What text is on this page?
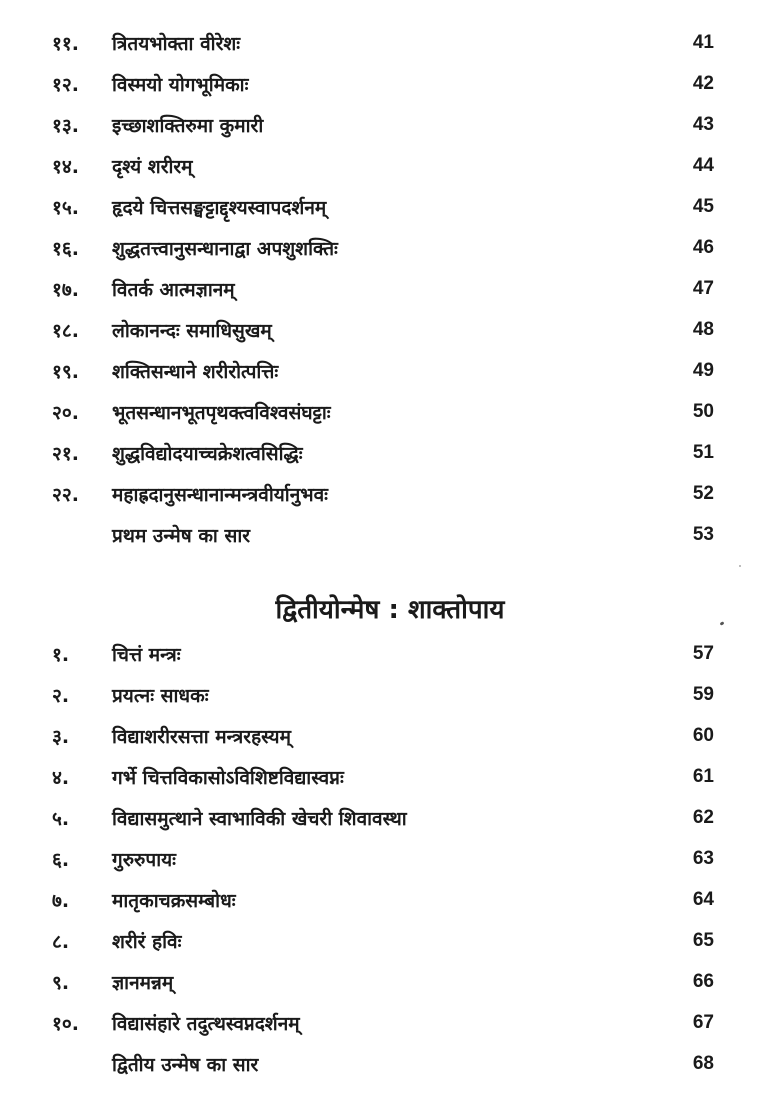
११. त्रितयभोक्ता वीरेशः	41
१२. विस्मयो योगभूमिकाः	42
१३. इच्छाशक्तिरुमा कुमारी	43
१४. दृश्यं शरीरम्	44
१५. हृदये चित्तसङ्घट्टाद्दृश्यस्वापदर्शनम्	45
१६. शुद्धतत्त्वानुसन्धानाद्वा अपशुशक्तिः	46
१७. वितर्क आत्मज्ञानम्	47
१८. लोकानन्दः समाधिसुखम्	48
१९. शक्तिसन्धाने शरीरोत्पत्तिः	49
२०. भूतसन्धानभूतपृथक्त्वविश्वसंघट्टाः	50
२१. शुद्धविद्योदयाच्चक्रेशत्वसिद्धिः	51
२२. महाह्रदानुसन्धानान्मन्त्रवीर्यानुभवः	52
प्रथम उन्मेष का सार	53
द्वितीयोन्मेष : शाक्तोपाय
१. चित्तं मन्त्रः	57
२. प्रयत्नः साधकः	59
३. विद्याशरीरसत्ता मन्त्ररहस्यम्	60
४. गर्भे चित्तविकासोऽविशिष्टविद्यास्वप्नः	61
५. विद्यासमुत्थाने स्वाभाविकी खेचरी शिवावस्था	62
६. गुरुरुपायः	63
७. मातृकाचक्रसम्बोधः	64
८. शरीरं हविः	65
९. ज्ञानमन्नम्	66
१०. विद्यासंहारे तदुत्थस्वप्नदर्शनम्	67
द्वितीय उन्मेष का सार	68
